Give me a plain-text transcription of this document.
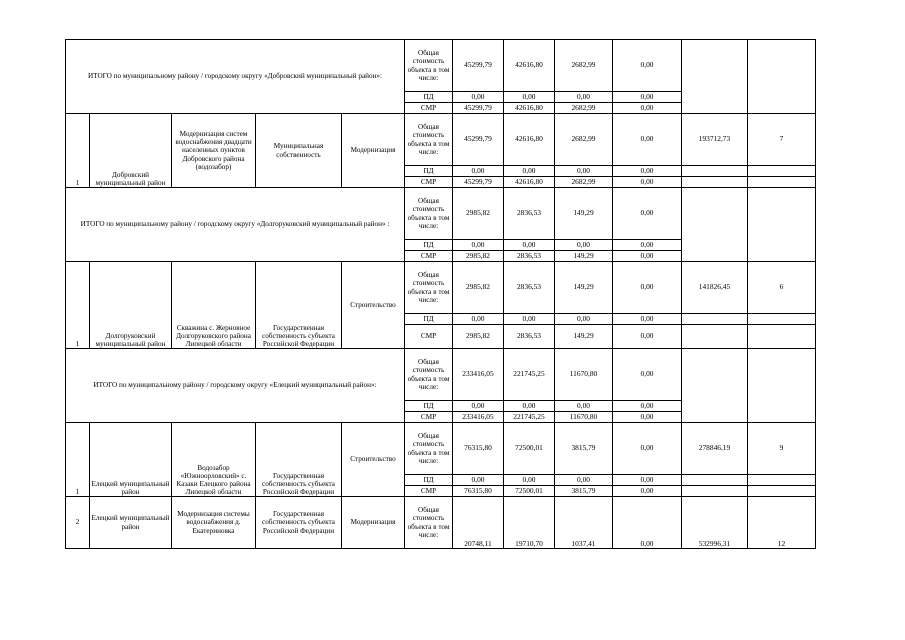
ИТОГО по муниципальному району / городскому округу «Добровский муниципальный район»:					Общая стоимость объекта в том числе:	45299,79	42616,80	2682,99	0,00		
					ПД	0,00	0,00	0,00	0,00		
					СМР	45299,79	42616,80	2682,99	0,00		
1	Добровский муниципальный район	Модернизация систем водоснабжения двадцати населенных пунктов Добровского района (водозабор)	Муниципальная собственность	Модернизация	Общая стоимость объекта в том числе:	45299,79	42616,80	2682,99	0,00	193712,73	7
					ПД	0,00	0,00	0,00	0,00		
					СМР	45299,79	42616,80	2682,99	0,00		
ИТОГО по муниципальному району / городскому округу «Долгоруковский муниципальный район» :					Общая стоимость объекта в том числе:	2985,82	2836,53	149,29	0,00		
					ПД	0,00	0,00	0,00	0,00		
					СМР	2985,82	2836,53	149,29	0,00		
1	Долгоруковский муниципальный район	Скважина с. Жерновное Долгоруковского района Липецкой области	Государственная собственность субъекта Российской Федерации	Строительство	Общая стоимость объекта в том числе:	2985,82	2836,53	149,29	0,00	141826,45	6
					ПД	0,00	0,00	0,00	0,00		
					СМР	2985,82	2836,53	149,29	0,00		
ИТОГО по муниципальному району / городскому округу «Елецкий муниципальный район»:					Общая стоимость объекта в том числе:	233416,05	221745,25	11670,80	0,00		
					ПД	0,00	0,00	0,00	0,00		
					СМР	233416,05	221745,25	11670,80	0,00		
1	Елецкий муниципальный район	Водозабор «Южноорловский» с. Казаки Елецкого района Липецкой области	Государственная собственность субъекта Российской Федерации	Строительство	Общая стоимость объекта в том числе:	76315,80	72500,01	3815,79	0,00	278846,19	9
					ПД	0,00	0,00	0,00	0,00		
					СМР	76315,80	72500,01	3815,79	0,00		
2	Елецкий муниципальный район	Модернизация системы водоснабжения д. Екатериновка	Государственная собственность субъекта Российской Федерации	Модернизация	Общая стоимость объекта в том числе:	20748,11	19710,70	1037,41	0,00	532996,31	12
